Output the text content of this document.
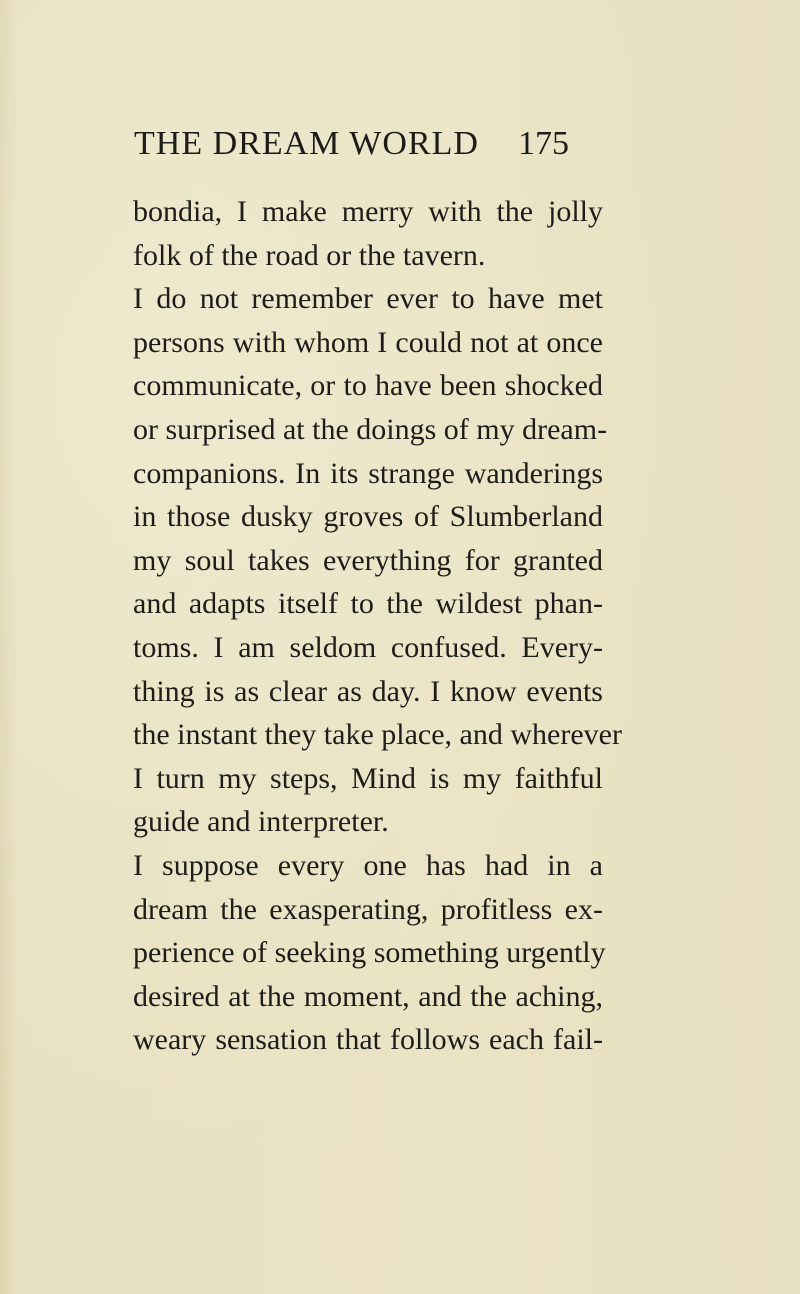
THE DREAM WORLD 175
bondia, I make merry with the jolly
folk of the road or the tavern.
I do not remember ever to have met
persons with whom I could not at once
communicate, or to have been shocked
or surprised at the doings of my dream-
companions. In its strange wanderings
in those dusky groves of Slumberland
my soul takes everything for granted
and adapts itself to the wildest phan-
toms. I am seldom confused. Every-
thing is as clear as day. I know events
the instant they take place, and wherever
I turn my steps, Mind is my faithful
guide and interpreter.
I suppose every one has had in a
dream the exasperating, profitless ex-
perience of seeking something urgently
desired at the moment, and the aching,
weary sensation that follows each fail-
